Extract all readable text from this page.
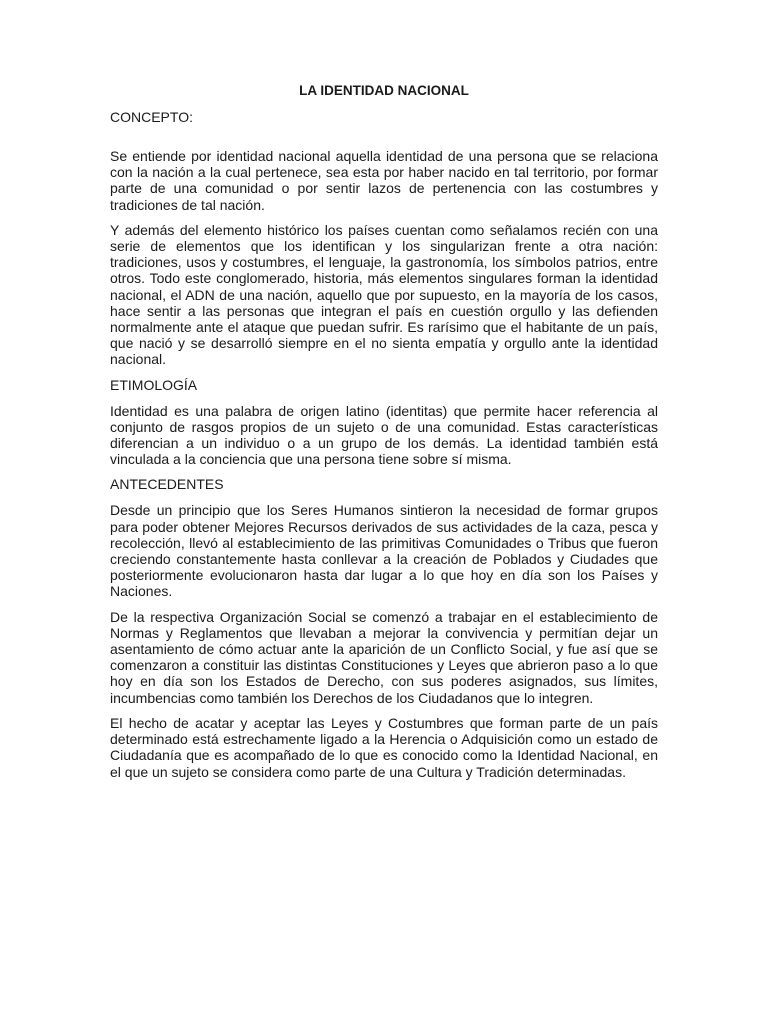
LA IDENTIDAD NACIONAL
CONCEPTO:

Se entiende por identidad nacional aquella identidad de una persona que se relaciona con la nación a la cual pertenece, sea esta por haber nacido en tal territorio, por formar parte de una comunidad o por sentir lazos de pertenencia con las costumbres y tradiciones de tal nación.

Y además del elemento histórico los países cuentan como señalamos recién con una serie de elementos que los identifican y los singularizan frente a otra nación: tradiciones, usos y costumbres, el lenguaje, la gastronomía, los símbolos patrios, entre otros. Todo este conglomerado, historia, más elementos singulares forman la identidad nacional, el ADN de una nación, aquello que por supuesto, en la mayoría de los casos, hace sentir a las personas que integran el país en cuestión orgullo y las defienden normalmente ante el ataque que puedan sufrir. Es rarísimo que el habitante de un país, que nació y se desarrolló siempre en el no sienta empatía y orgullo ante la identidad nacional.

ETIMOLOGÍA

Identidad es una palabra de origen latino (identitas) que permite hacer referencia al conjunto de rasgos propios de un sujeto o de una comunidad. Estas características diferencian a un individuo o a un grupo de los demás. La identidad también está vinculada a la conciencia que una persona tiene sobre sí misma.

ANTECEDENTES

Desde un principio que los Seres Humanos sintieron la necesidad de formar grupos para poder obtener Mejores Recursos derivados de sus actividades de la caza, pesca y recolección, llevó al establecimiento de las primitivas Comunidades o Tribus que fueron creciendo constantemente hasta conllevar a la creación de Poblados y Ciudades que posteriormente evolucionaron hasta dar lugar a lo que hoy en día son los Países y Naciones.

De la respectiva Organización Social se comenzó a trabajar en el establecimiento de Normas y Reglamentos que llevaban a mejorar la convivencia y permitían dejar un asentamiento de cómo actuar ante la aparición de un Conflicto Social, y fue así que se comenzaron a constituir las distintas Constituciones y Leyes que abrieron paso a lo que hoy en día son los Estados de Derecho, con sus poderes asignados, sus límites, incumbencias como también los Derechos de los Ciudadanos que lo integren.

El hecho de acatar y aceptar las Leyes y Costumbres que forman parte de un país determinado está estrechamente ligado a la Herencia o Adquisición como un estado de Ciudadanía que es acompañado de lo que es conocido como la Identidad Nacional, en el que un sujeto se considera como parte de una Cultura y Tradición determinadas.
